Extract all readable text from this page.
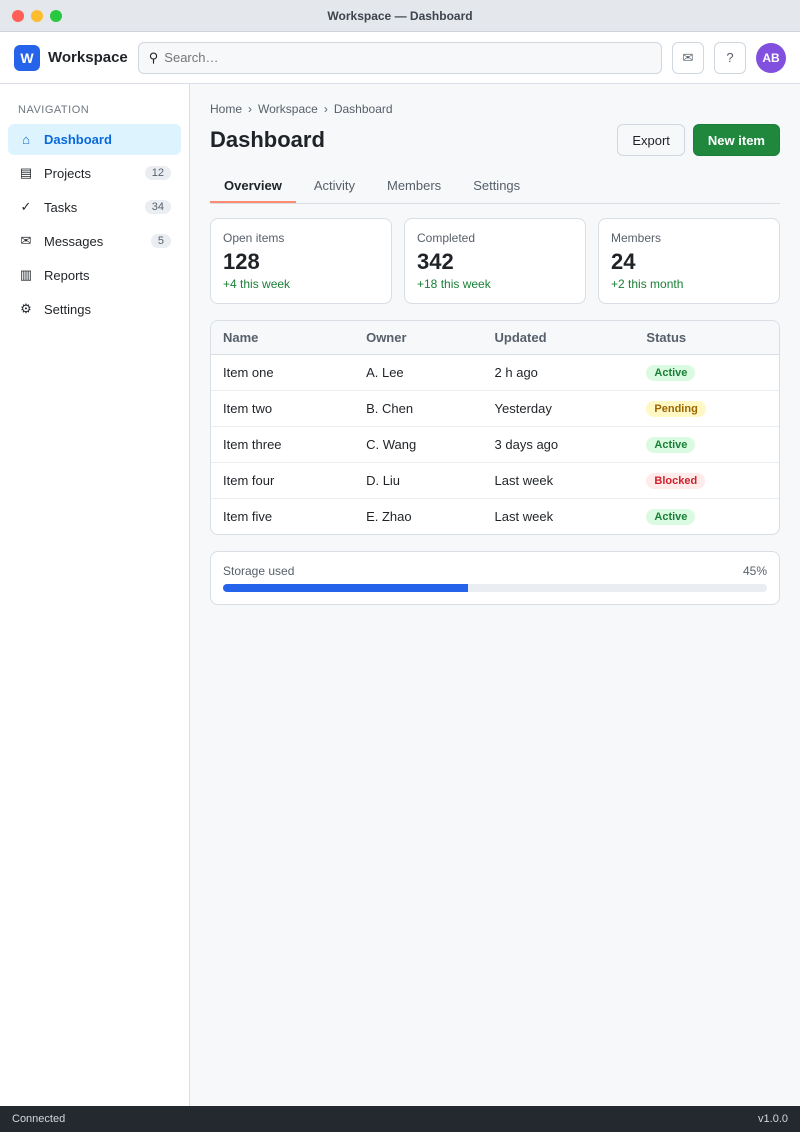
Workspace — Dashboard
W Workspace ⚲
Search…	✉	?	AB
NAVIGATION
⌂	Dashboard
▤ Projects	12
✓ Tasks	34
✉ Messages	5
▥ Reports
⚙ Settings
Home › Workspace › Dashboard
Dashboard	Export	New item
Overview	Activity	Members	Settings
Open items
128
+4 this week
Completed
342
+18 this week
Members
24
+2 this month
Name	Owner	Updated	Status
Item one	A. Lee	2 h ago	Active
Item two	B. Chen	Yesterday	Pending
Item three	C. Wang	3 days ago	Active
Item four	D. Liu	Last week	Blocked
Item five	E. Zhao	Last week	Active
Storage used	45%
Connected	v1.0.0
